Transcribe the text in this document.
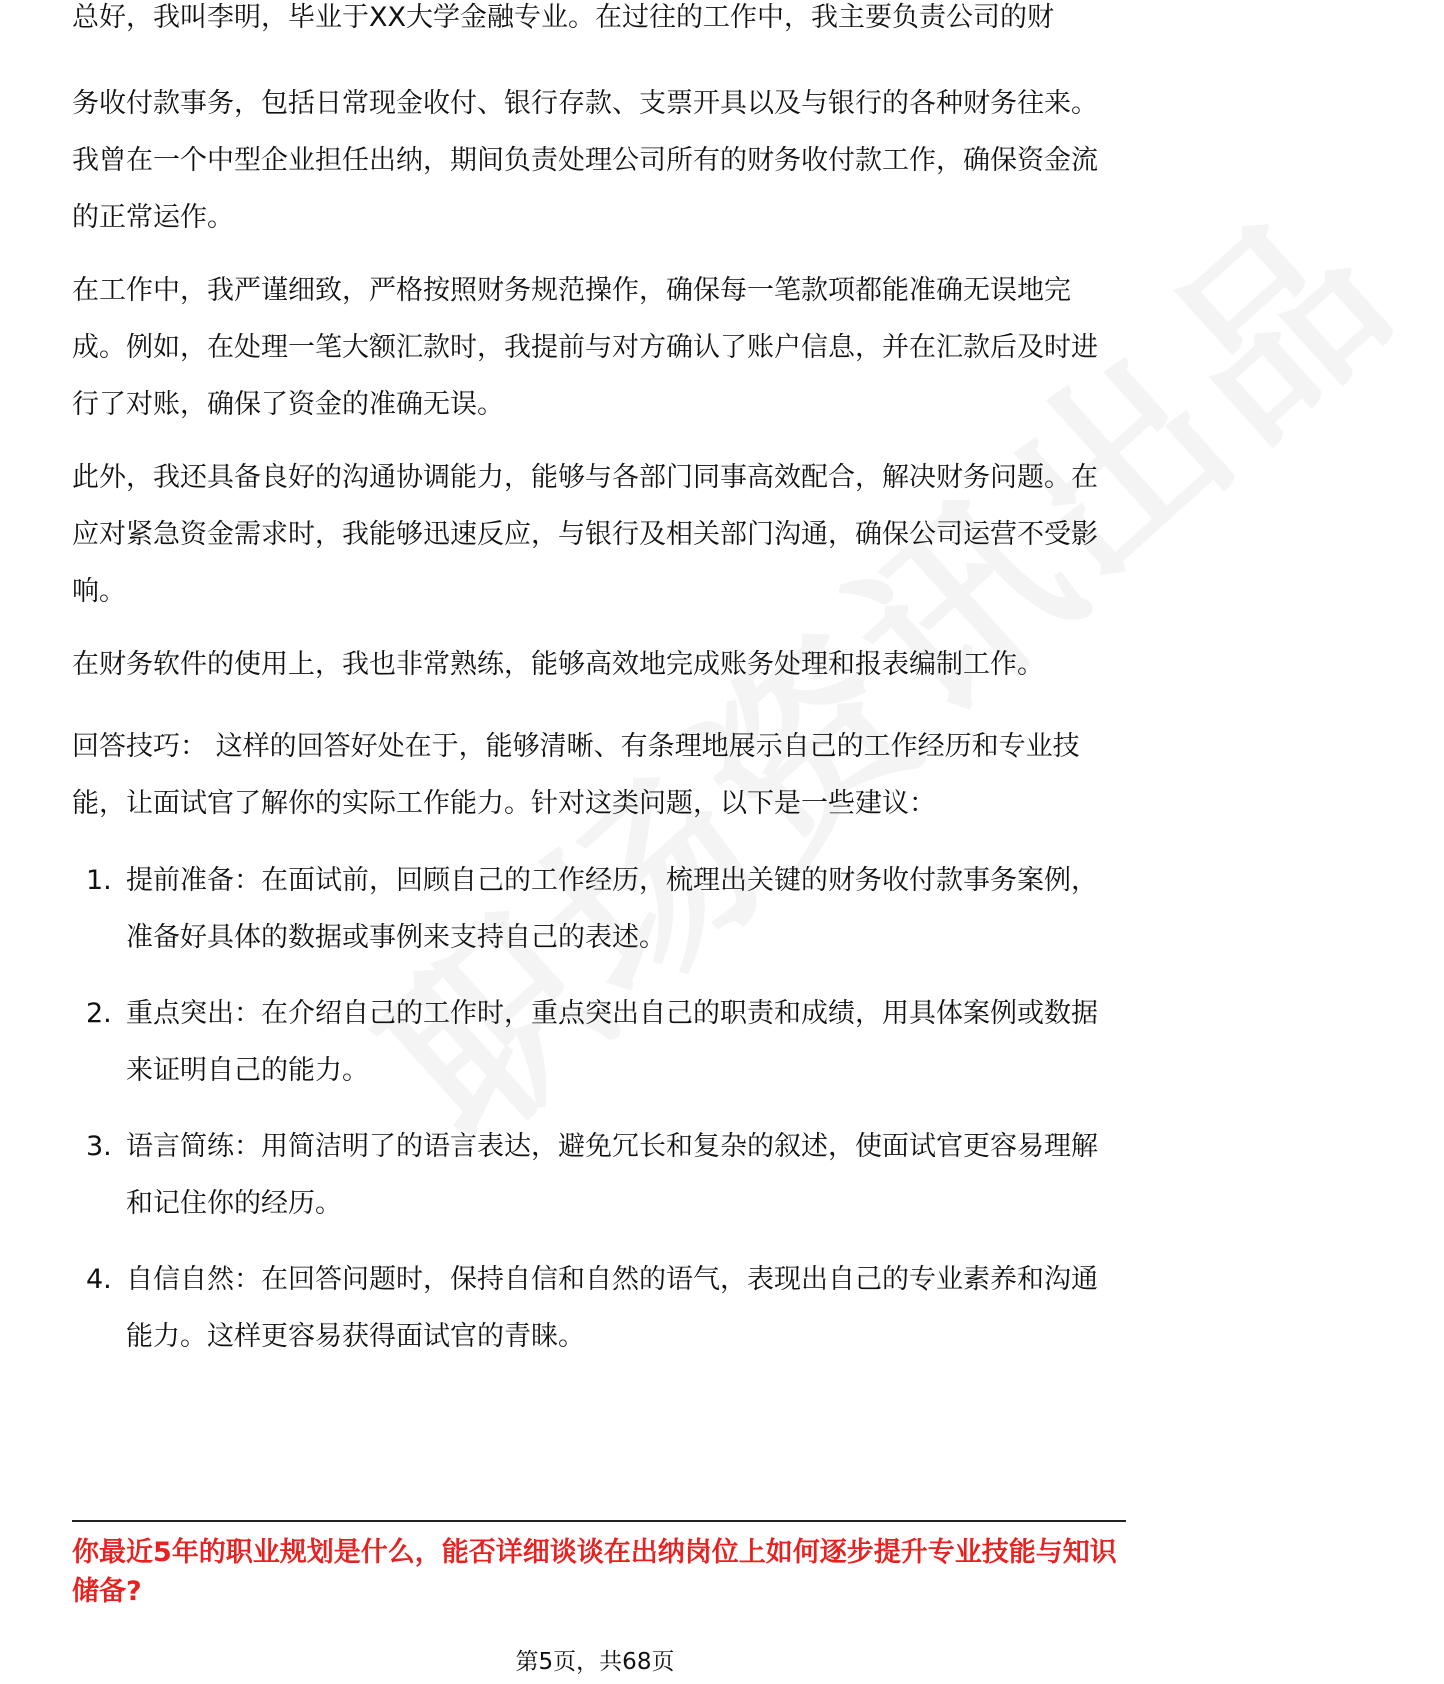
总好，我叫李明，毕业于XX大学金融专业。在过往的工作中，我主要负责公司的财

务收付款事务，包括日常现金收付、银行存款、支票开具以及与银行的各种财务往来。我曾在一个中型企业担任出纳，期间负责处理公司所有的财务收付款工作，确保资金流的正常运作。

在工作中，我严谨细致，严格按照财务规范操作，确保每一笔款项都能准确无误地完成。例如，在处理一笔大额汇款时，我提前与对方确认了账户信息，并在汇款后及时进行了对账，确保了资金的准确无误。

此外，我还具备良好的沟通协调能力，能够与各部门同事高效配合，解决财务问题。在应对紧急资金需求时，我能够迅速反应，与银行及相关部门沟通，确保公司运营不受影响。

在财务软件的使用上，我也非常熟练，能够高效地完成账务处理和报表编制工作。

回答技巧： 这样的回答好处在于，能够清晰、有条理地展示自己的工作经历和专业技能，让面试官了解你的实际工作能力。针对这类问题，以下是一些建议：

1. 提前准备：在面试前，回顾自己的工作经历，梳理出关键的财务收付款事务案例，准备好具体的数据或事例来支持自己的表述。
2. 重点突出：在介绍自己的工作时，重点突出自己的职责和成绩，用具体案例或数据来证明自己的能力。
3. 语言简练：用简洁明了的语言表达，避免冗长和复杂的叙述，使面试官更容易理解和记住你的经历。
4. 自信自然：在回答问题时，保持自信和自然的语气，表现出自己的专业素养和沟通能力。这样更容易获得面试官的青睐。

你最近5年的职业规划是什么，能否详细谈谈在出纳岗位上如何逐步提升专业技能与知识储备?

第5页，共68页
